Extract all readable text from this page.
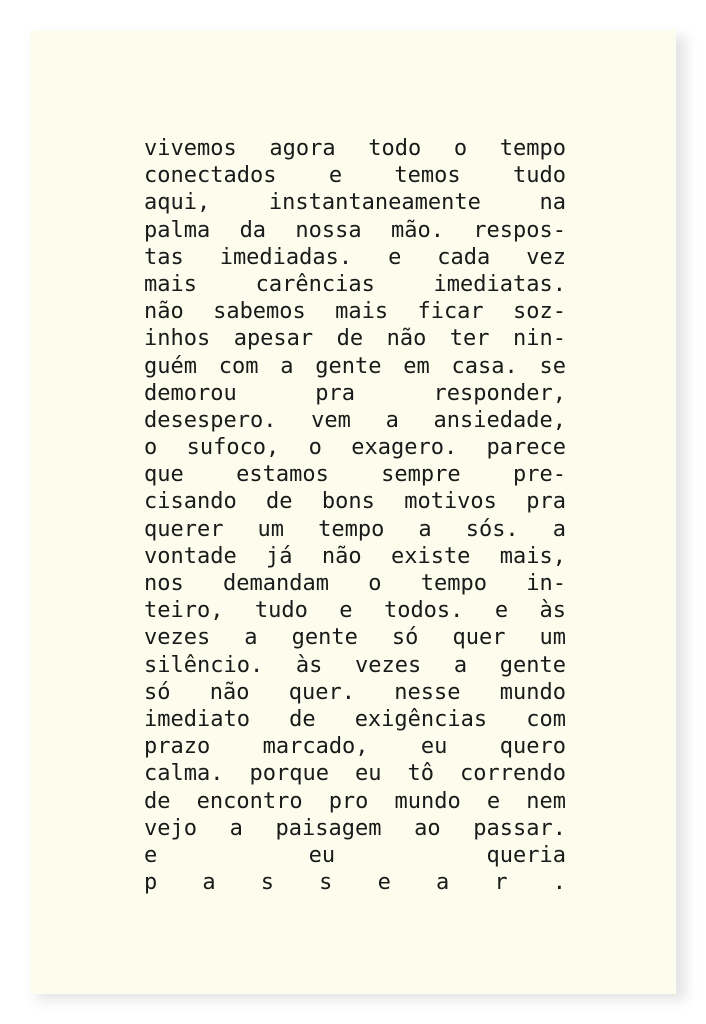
vivemos agora todo o tempo
conectados e temos tudo
aqui, instantaneamente na
palma da nossa mão. respos-
tas imediadas. e cada vez
mais carências imediatas.
não sabemos mais ficar soz-
inhos apesar de não ter nin-
guém com a gente em casa. se
demorou pra responder,
desespero. vem a ansiedade,
o sufoco, o exagero. parece
que estamos sempre pre-
cisando de bons motivos pra
querer um tempo a sós. a
vontade já não existe mais,
nos demandam o tempo in-
teiro, tudo e todos. e às
vezes a gente só quer um
silêncio. às vezes a gente
só não quer. nesse mundo
imediato de exigências com
prazo marcado, eu quero
calma. porque eu tô correndo
de encontro pro mundo e nem
vejo a paisagem ao passar.
e eu queria
p a s s e a r .
